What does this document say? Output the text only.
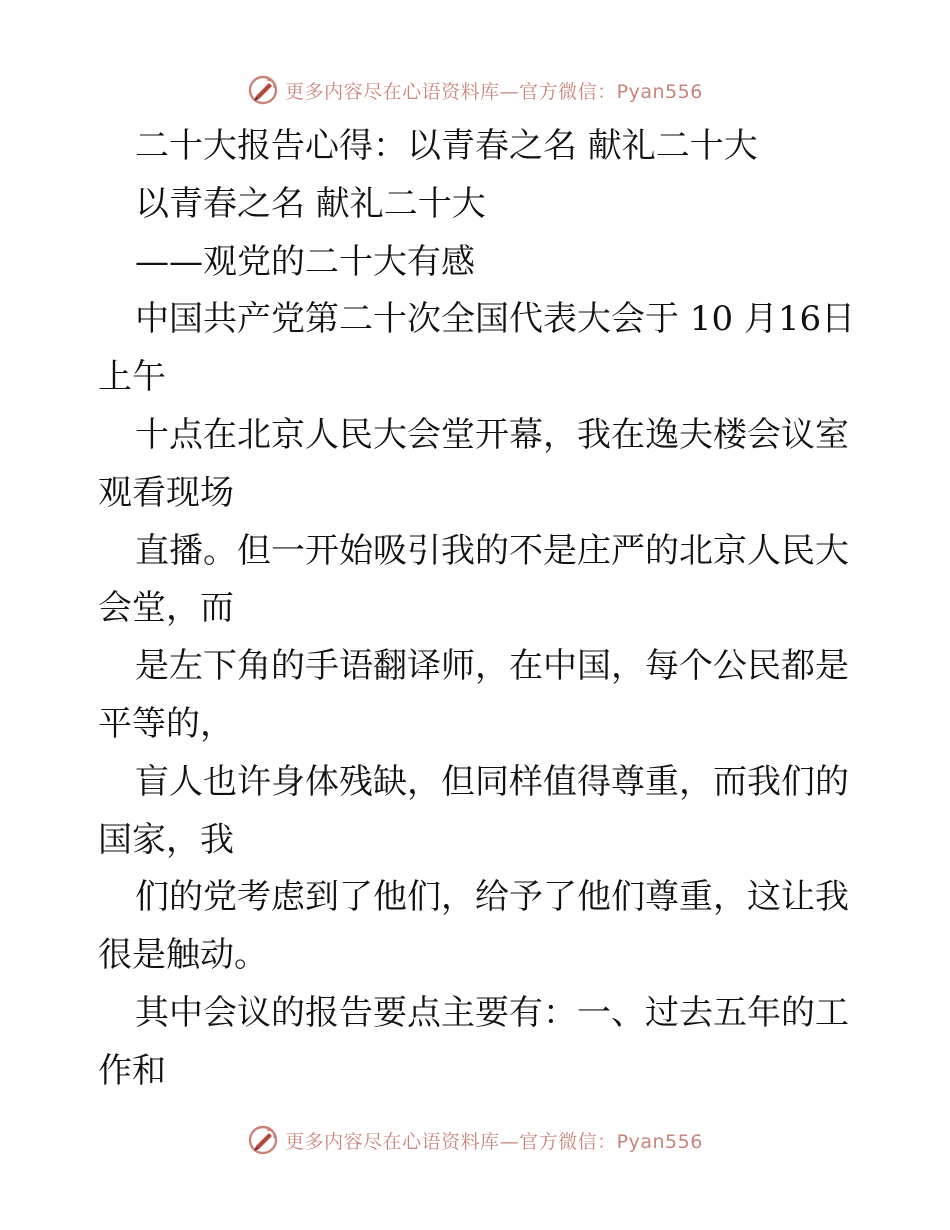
更多内容尽在心语资料库—官方微信：Pyan556

二十大报告心得：以青春之名 献礼二十大

以青春之名 献礼二十大

——观党的二十大有感

中国共产党第二十次全国代表大会于 10 月16日上午

十点在北京人民大会堂开幕，我在逸夫楼会议室观看现场

直播。但一开始吸引我的不是庄严的北京人民大会堂，而

是左下角的手语翻译师，在中国，每个公民都是平等的，

盲人也许身体残缺，但同样值得尊重，而我们的国家，我

们的党考虑到了他们，给予了他们尊重，这让我很是触动。

其中会议的报告要点主要有：一、过去五年的工作和

更多内容尽在心语资料库—官方微信：Pyan556
